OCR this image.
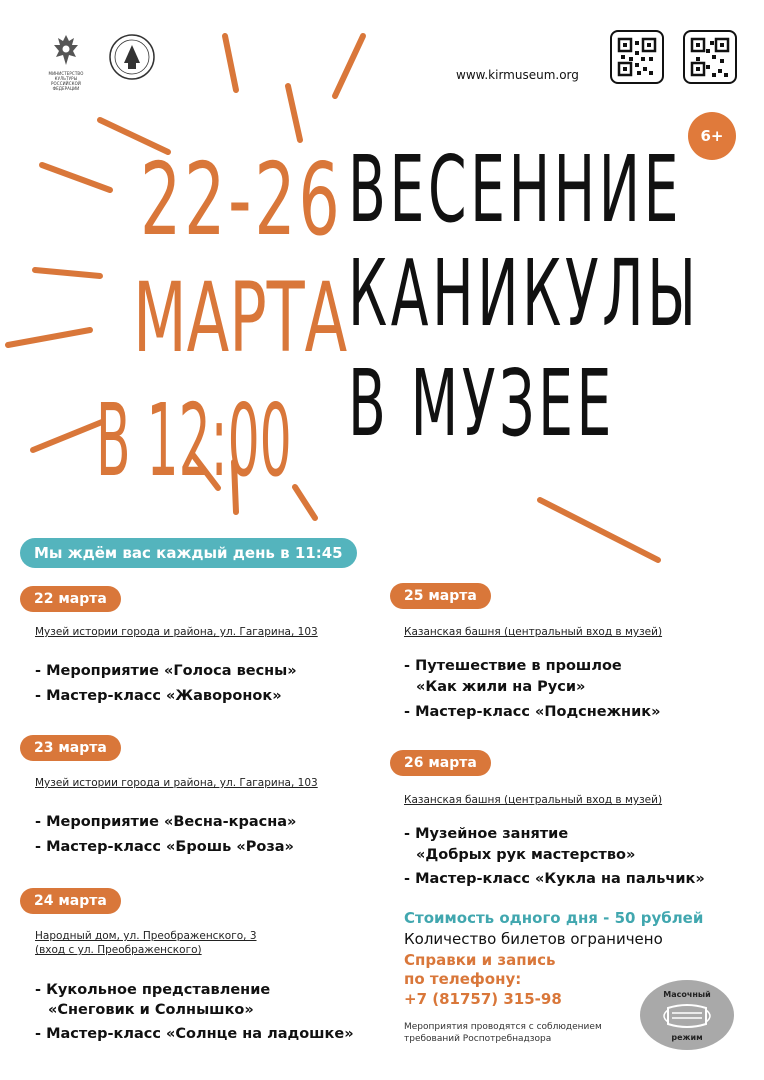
МИНИСТЕРСТВО КУЛЬТУРЫ
РОССИЙСКОЙ ФЕДЕРАЦИИ
www.kirmuseum.org
6+
22-26
МАРТА
В 12:00
ВЕСЕННИЕ
КАНИКУЛЫ
В МУЗЕЕ
Мы ждём вас каждый день в 11:45
22 марта
Музей истории города и района, ул. Гагарина, 103
- Мероприятие «Голоса весны»
- Мастер-класс «Жаворонок»
23 марта
Музей истории города и района, ул. Гагарина, 103
- Мероприятие «Весна-красна»
- Мастер-класс «Брошь «Роза»
24 марта
Народный дом, ул. Преображенского, 3
(вход с ул. Преображенского)
- Кукольное представление
«Снеговик и Солнышко»
- Мастер-класс «Солнце на ладошке»
25 марта
Казанская башня (центральный вход в музей)
- Путешествие в прошлое
«Как жили на Руси»
- Мастер-класс «Подснежник»
26 марта
Казанская башня (центральный вход в музей)
- Музейное занятие
«Добрых рук мастерство»
- Мастер-класс «Кукла на пальчик»
Стоимость одного дня - 50 рублей
Количество билетов ограничено
Справки и запись
по телефону:
+7 (81757) 315-98
Мероприятия проводятся с соблюдением
требований Роспотребнадзора
Масочный
режим
